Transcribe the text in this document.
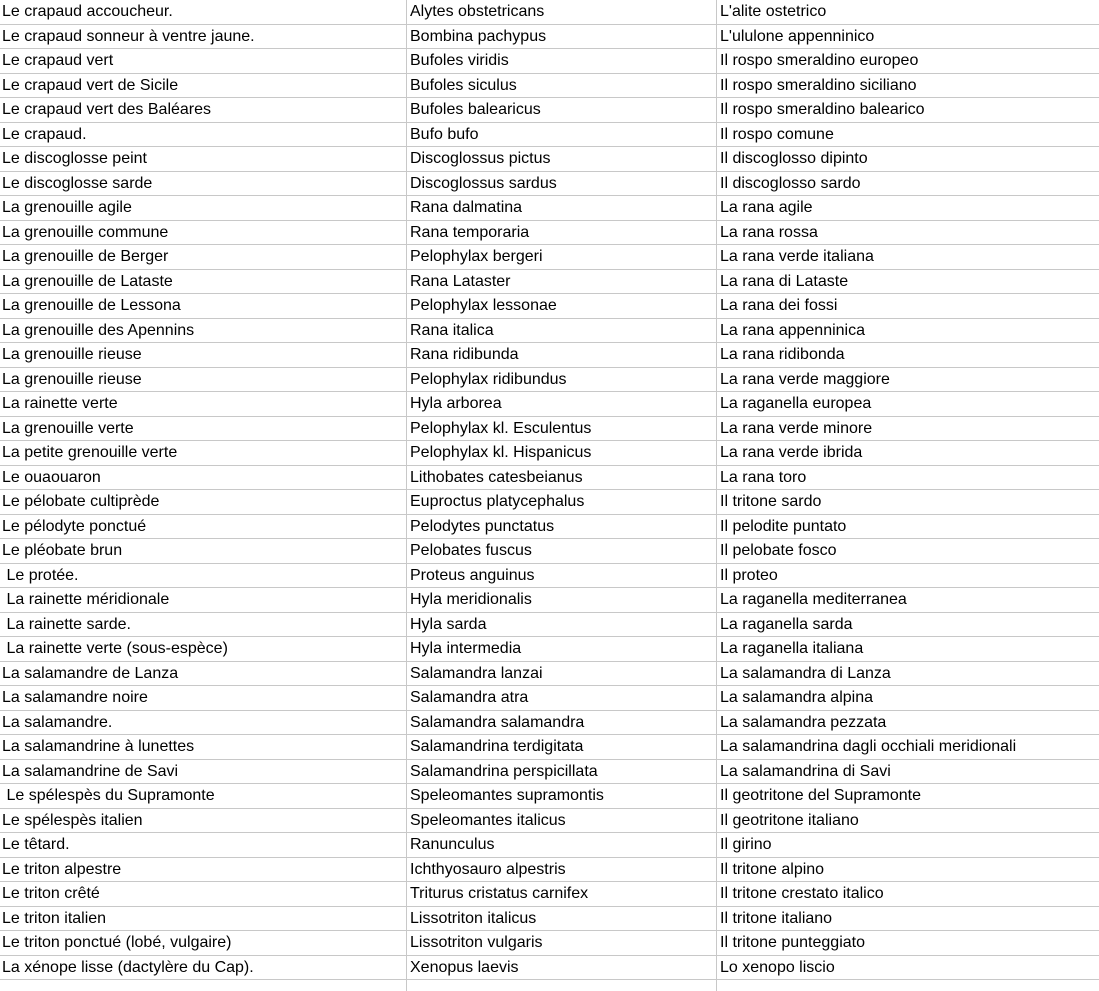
Le crapaud accoucheur.	Alytes obstetricans	L'alite ostetrico
Le crapaud sonneur à ventre jaune.	Bombina pachypus	L'ululone appenninico
Le crapaud vert	Bufoles viridis	Il rospo smeraldino europeo
Le crapaud vert de Sicile	Bufoles siculus	Il rospo smeraldino siciliano
Le crapaud vert des Baléares	Bufoles balearicus	Il rospo smeraldino balearico
Le crapaud.	Bufo bufo	Il rospo comune
Le discoglosse peint	Discoglossus pictus	Il discoglosso dipinto
Le discoglosse sarde	Discoglossus sardus	Il discoglosso sardo
La grenouille agile	Rana dalmatina	La rana agile
La grenouille commune	Rana temporaria	La rana rossa
La grenouille de Berger	Pelophylax bergeri	La rana verde italiana
La grenouille de Lataste	Rana Lataster	La rana di Lataste
La grenouille de Lessona	Pelophylax lessonae	La rana dei fossi
La grenouille des Apennins	Rana italica	La rana appenninica
La grenouille rieuse	Rana ridibunda	La rana ridibonda
La grenouille rieuse	Pelophylax ridibundus	La rana verde maggiore
La rainette verte	Hyla arborea	La raganella europea
La grenouille verte	Pelophylax kl. Esculentus	La rana verde minore
La petite grenouille verte	Pelophylax kl. Hispanicus	La rana verde ibrida
Le ouaouaron	Lithobates catesbeianus	La rana toro
Le pélobate cultiprède	Euproctus platycephalus	Il tritone sardo
Le pélodyte ponctué	Pelodytes punctatus	Il pelodite puntato
Le pléobate brun	Pelobates fuscus	Il pelobate fosco
Le protée.	Proteus anguinus	Il proteo
La rainette méridionale	Hyla meridionalis	La raganella mediterranea
La rainette sarde.	Hyla sarda	La raganella sarda
La rainette verte (sous-espèce)	Hyla intermedia	La raganella italiana
La salamandre de Lanza	Salamandra lanzai	La salamandra di Lanza
La salamandre noire	Salamandra atra	La salamandra alpina
La salamandre.	Salamandra salamandra	La salamandra pezzata
La salamandrine à lunettes	Salamandrina terdigitata	La salamandrina dagli occhiali meridionali
La salamandrine de Savi	Salamandrina perspicillata	La salamandrina di Savi
Le spélespès du Supramonte	Speleomantes supramontis	Il geotritone del Supramonte
Le spélespès italien	Speleomantes italicus	Il geotritone italiano
Le têtard.	Ranunculus	Il girino
Le triton alpestre	Ichthyosauro alpestris	Il tritone alpino
Le triton crêté	Triturus cristatus carnifex	Il tritone crestato italico
Le triton italien	Lissotriton italicus	Il tritone italiano
Le triton ponctué (lobé, vulgaire)	Lissotriton vulgaris	Il tritone punteggiato
La xénope lisse (dactylère du Cap).	Xenopus laevis	Lo xenopo liscio
